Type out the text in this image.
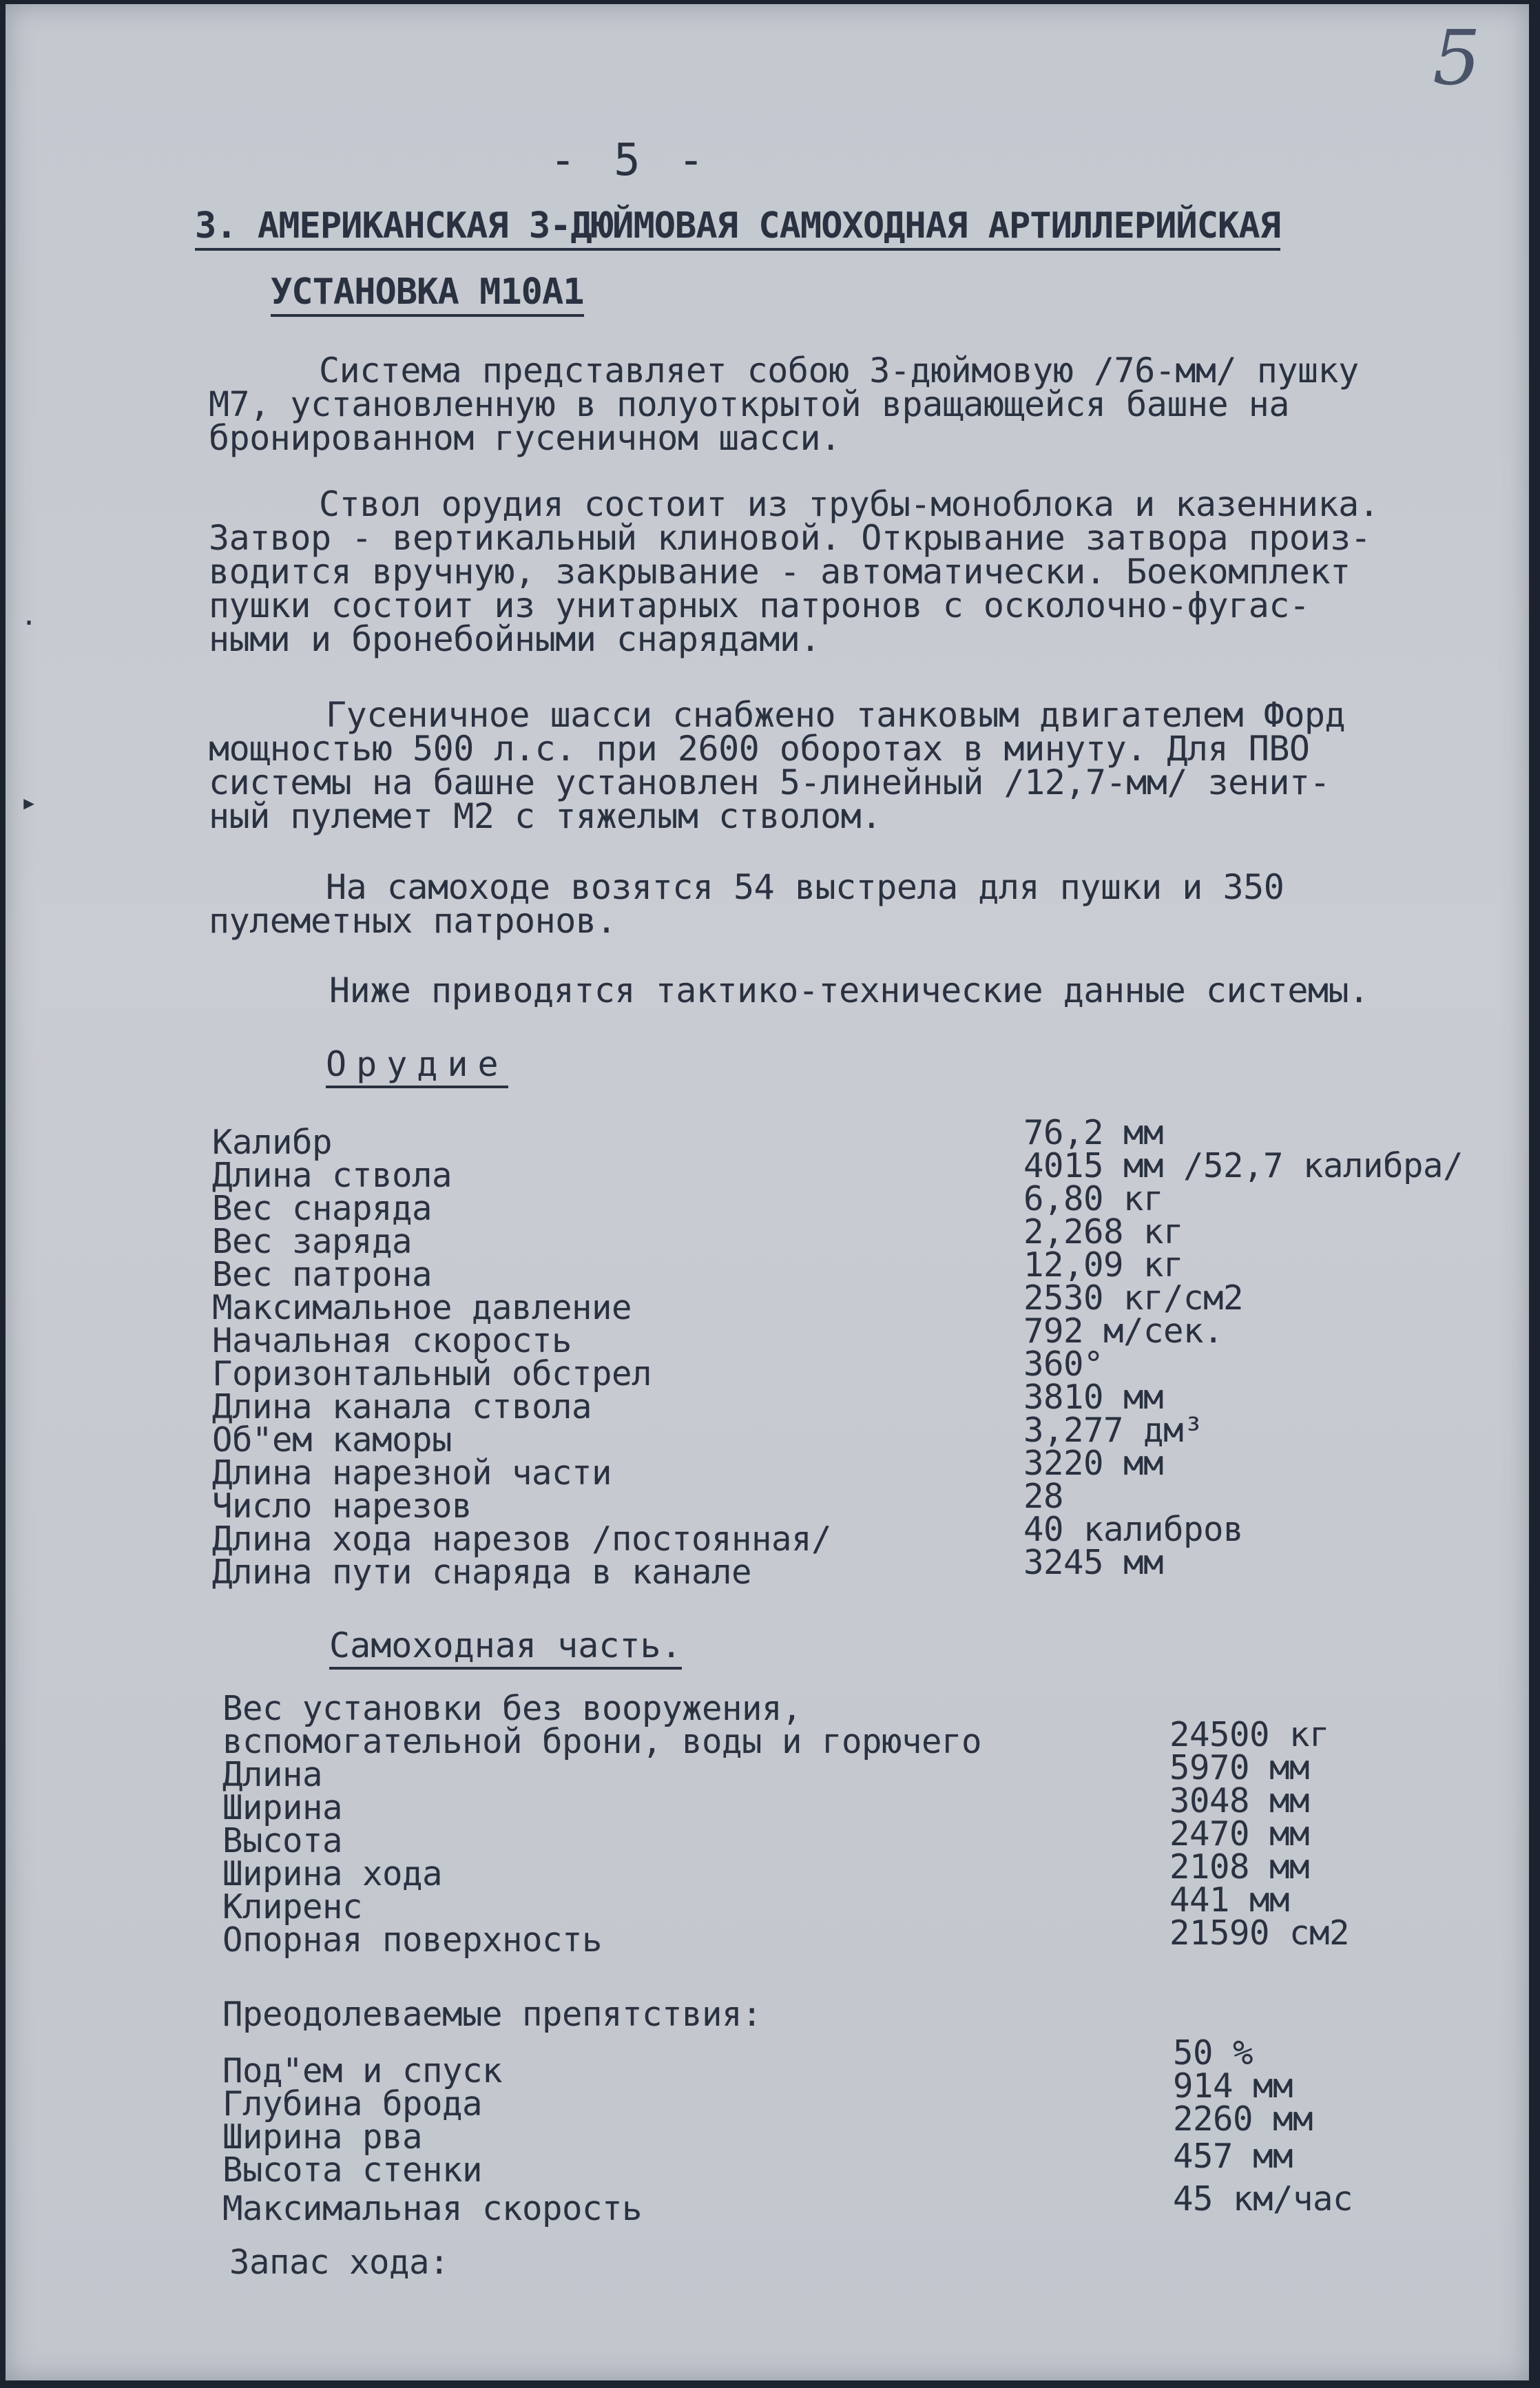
5
- 5 -
3. АМЕРИКАНСКАЯ 3-ДЮЙМОВАЯ САМОХОДНАЯ АРТИЛЛЕРИЙСКАЯ
УСТАНОВКА М10А1
Система представляет собою 3-дюймовую /76-мм/ пушку
М7, установленную в полуоткрытой вращающейся башне на
бронированном гусеничном шасси.
Ствол орудия состоит из трубы-моноблока и казенника.
Затвор - вертикальный клиновой. Открывание затвора произ-
водится вручную, закрывание - автоматически. Боекомплект
пушки состоит из унитарных патронов с осколочно-фугас-
ными и бронебойными снарядами.
Гусеничное шасси снабжено танковым двигателем Форд
мощностью 500 л.с. при 2600 оборотах в минуту. Для ПВО
системы на башне установлен 5-линейный /12,7-мм/ зенит-
ный пулемет М2 с тяжелым стволом.
На самоходе возятся 54 выстрела для пушки и 350
пулеметных патронов.
Ниже приводятся тактико-технические данные системы.
Орудие
Калибр	76,2 мм
Длина ствола	4015 мм /52,7 калибра/
Вес снаряда	6,80 кг
Вес заряда	2,268 кг
Вес патрона	12,09 кг
Максимальное давление	2530 кг/см2
Начальная скорость	792 м/сек.
Горизонтальный обстрел	360°
Длина канала ствола	3810 мм
Об"ем каморы	3,277 дм³
Длина нарезной части	3220 мм
Число нарезов	28
Длина хода нарезов /постоянная/	40 калибров
Длина пути снаряда в канале	3245 мм
Самоходная часть.
Вес установки без вооружения,
вспомогательной брони, воды и горючего	24500 кг
Длина	5970 мм
Ширина	3048 мм
Высота	2470 мм
Ширина хода	2108 мм
Клиренс	441 мм
Опорная поверхность	21590 см2
Преодолеваемые препятствия:
Под"ем и спуск	50 %
Глубина брода	914 мм
Ширина рва	2260 мм
Высота стенки	457 мм
Максимальная скорость	45 км/час
Запас хода:
·
▸
